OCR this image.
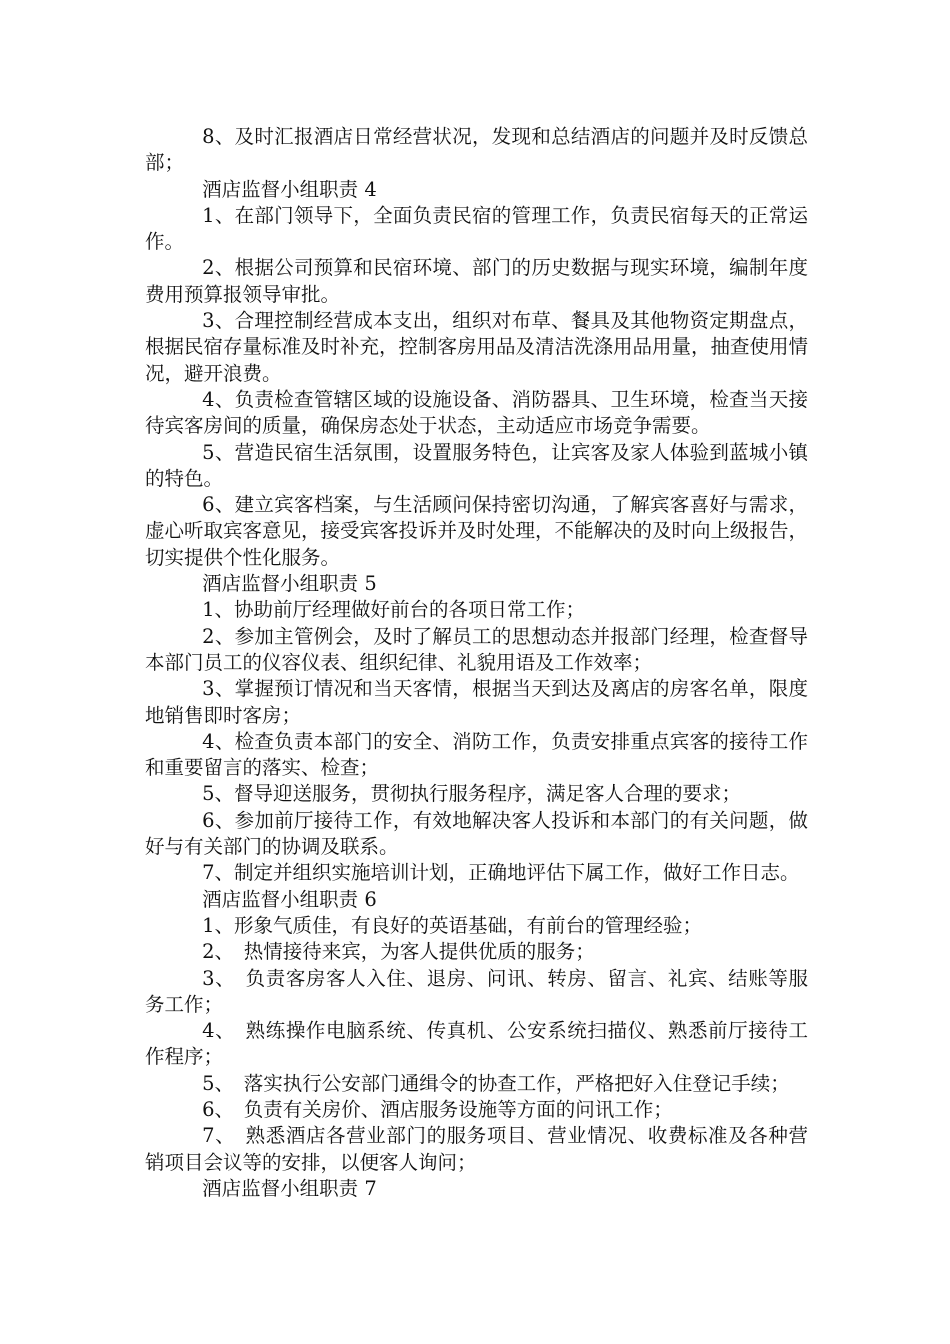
8、及时汇报酒店日常经营状况，发现和总结酒店的问题并及时反馈总部；

酒店监督小组职责 4

1、在部门领导下，全面负责民宿的管理工作，负责民宿每天的正常运作。

2、根据公司预算和民宿环境、部门的历史数据与现实环境，编制年度费用预算报领导审批。

3、合理控制经营成本支出，组织对布草、餐具及其他物资定期盘点，根据民宿存量标准及时补充，控制客房用品及清洁洗涤用品用量，抽查使用情况，避开浪费。

4、负责检查管辖区域的设施设备、消防器具、卫生环境，检查当天接待宾客房间的质量，确保房态处于状态，主动适应市场竞争需要。

5、营造民宿生活氛围，设置服务特色，让宾客及家人体验到蓝城小镇的特色。

6、建立宾客档案，与生活顾问保持密切沟通，了解宾客喜好与需求，虚心听取宾客意见，接受宾客投诉并及时处理，不能解决的及时向上级报告，切实提供个性化服务。

酒店监督小组职责 5

1、协助前厅经理做好前台的各项日常工作；

2、参加主管例会，及时了解员工的思想动态并报部门经理，检查督导本部门员工的仪容仪表、组织纪律、礼貌用语及工作效率；

3、掌握预订情况和当天客情，根据当天到达及离店的房客名单，限度地销售即时客房；

4、检查负责本部门的安全、消防工作，负责安排重点宾客的接待工作和重要留言的落实、检查；

5、督导迎送服务，贯彻执行服务程序，满足客人合理的要求；

6、参加前厅接待工作，有效地解决客人投诉和本部门的有关问题，做好与有关部门的协调及联系。

7、制定并组织实施培训计划，正确地评估下属工作，做好工作日志。

酒店监督小组职责 6

1、形象气质佳，有良好的英语基础，有前台的管理经验；

2、　热情接待来宾，为客人提供优质的服务；

3、　负责客房客人入住、退房、问讯、转房、留言、礼宾、结账等服务工作；

4、　熟练操作电脑系统、传真机、公安系统扫描仪、熟悉前厅接待工作程序；

5、　落实执行公安部门通缉令的协查工作，严格把好入住登记手续；

6、　负责有关房价、酒店服务设施等方面的问讯工作；

7、　熟悉酒店各营业部门的服务项目、营业情况、收费标准及各种营销项目会议等的安排，以便客人询问；

酒店监督小组职责 7
